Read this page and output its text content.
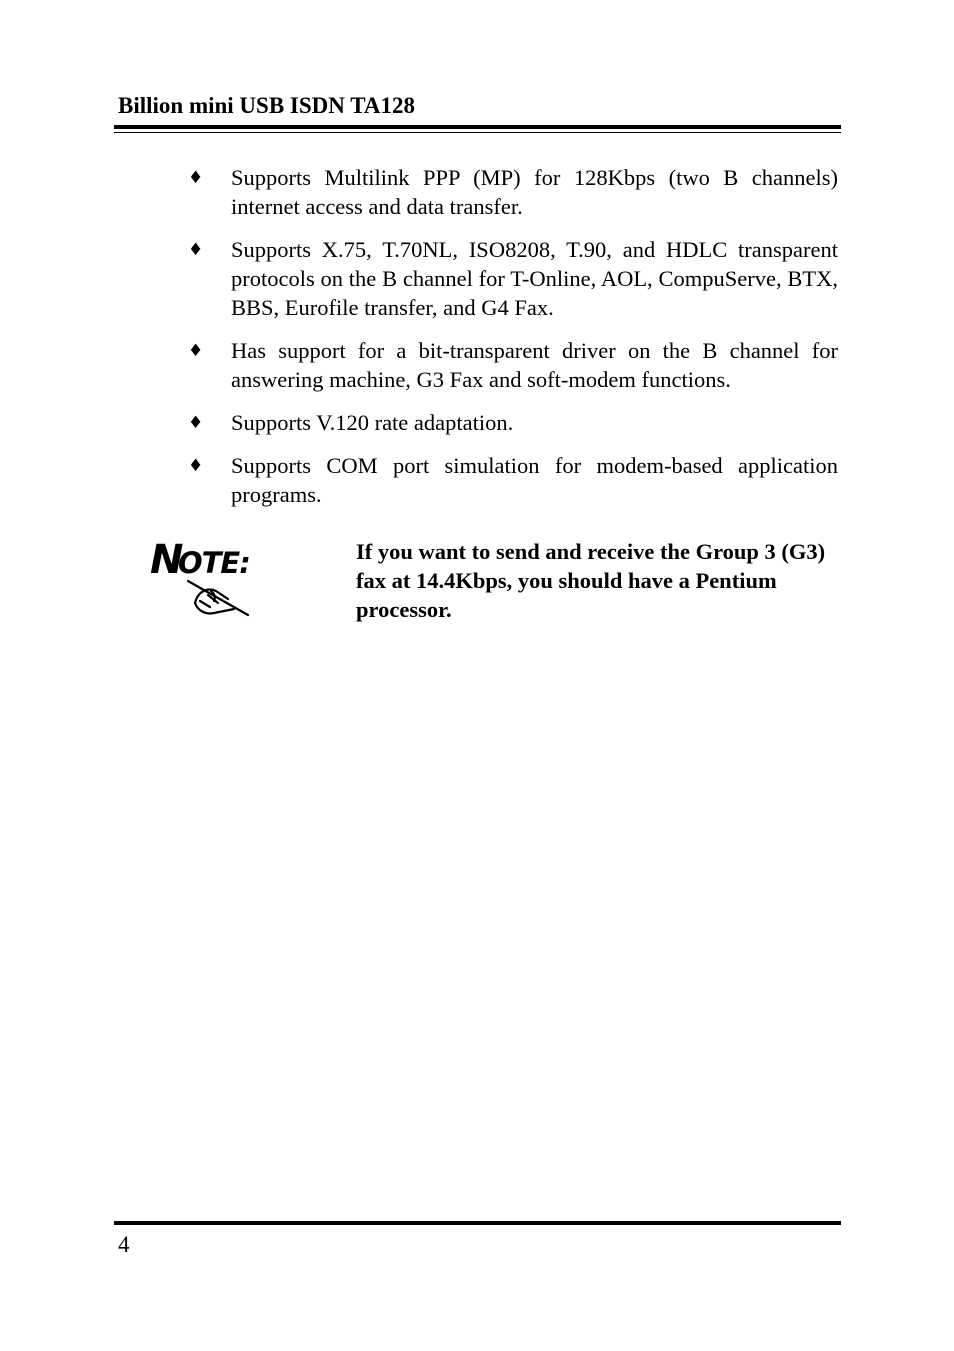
Billion mini USB ISDN TA128
♦ Supports Multilink PPP (MP) for 128Kbps (two B channels) internet access and data transfer.
♦ Supports X.75, T.70NL, ISO8208, T.90, and HDLC transparent protocols on the B channel for T-Online, AOL, CompuServe, BTX, BBS, Eurofile transfer, and G4 Fax.
♦ Has support for a bit-transparent driver on the B channel for answering machine, G3 Fax and soft-modem functions.
♦ Supports V.120 rate adaptation.
♦ Supports COM port simulation for modem-based application programs.
N
OTE:	If you want to send and receive the Group 3 (G3) fax at 14.4Kbps, you should have a Pentium processor.

4
